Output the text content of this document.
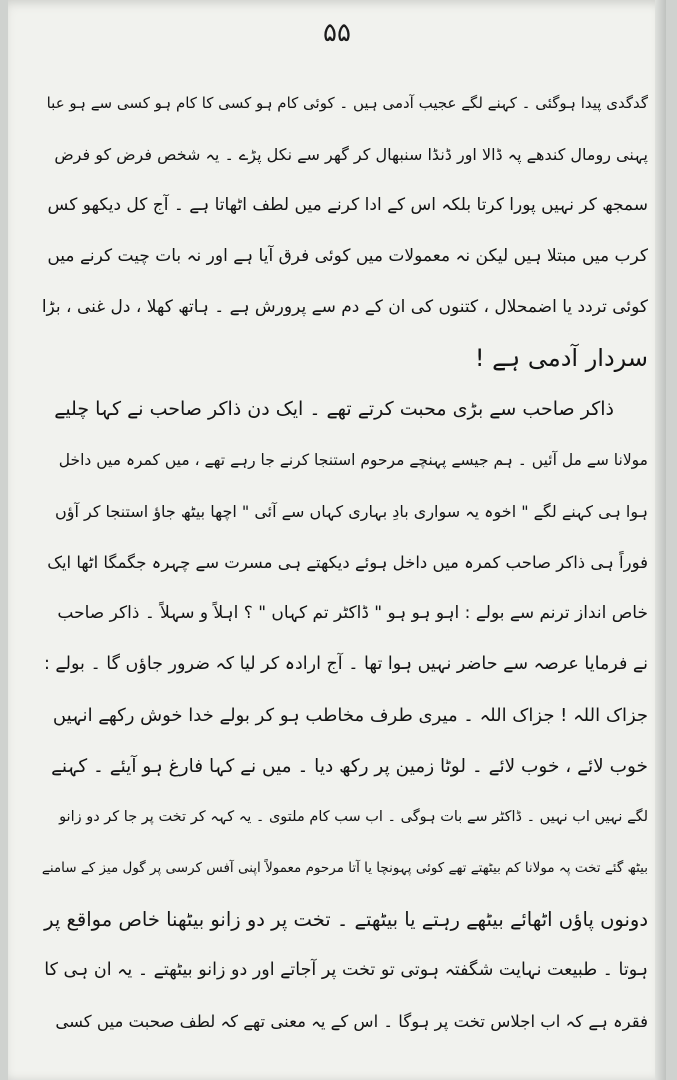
۵۵
گدگدی پیدا ہوگئی ۔ کہنے لگے عجیب آدمی ہیں ۔ کوئی کام ہو کسی کا کام ہو کسی سے ہو عبا
پہنی رومال کندھے پہ ڈالا اور ڈنڈا سنبھال کر گھر سے نکل پڑے ۔ یہ شخص فرض کو فرض
سمجھ کر نہیں پورا کرتا بلکہ اس کے ادا کرنے میں لطف اٹھاتا ہے ۔ آج کل دیکھو کس
کرب میں مبتلا ہیں لیکن نہ معمولات میں کوئی فرق آیا ہے اور نہ بات چیت کرنے میں
کوئی تردد یا اضمحلال ، کتنوں کی ان کے دم سے پرورش ہے ۔ ہاتھ کھلا ، دل غنی ، بڑا
سردار آدمی ہے !
ذاکر صاحب سے بڑی محبت کرتے تھے ۔ ایک دن ذاکر صاحب نے کہا چلیے
مولانا سے مل آئیں ۔ ہم جیسے پہنچے مرحوم استنجا کرنے جا رہے تھے ، میں کمرہ میں داخل
ہوا ہی کہنے لگے " اخوہ یہ سواری بادِ بہاری کہاں سے آئی " اچھا بیٹھ جاؤ استنجا کر آؤں
فوراً ہی ذاکر صاحب کمرہ میں داخل ہوئے دیکھتے ہی مسرت سے چہرہ جگمگا اٹھا ایک
خاص انداز ترنم سے بولے : اہو ہو ہو " ڈاکٹر تم کہاں " ؟ اہلاً و سہلاً ۔ ذاکر صاحب
نے فرمایا عرصہ سے حاضر نہیں ہوا تھا ۔ آج ارادہ کر لیا کہ ضرور جاؤں گا ۔ بولے :
جزاک اللہ ! جزاک اللہ ۔ میری طرف مخاطب ہو کر بولے خدا خوش رکھے انہیں
خوب لائے ، خوب لائے ۔ لوٹا زمین پر رکھ دیا ۔ میں نے کہا فارغ ہو آیئے ۔ کہنے
لگے نہیں اب نہیں ۔ ڈاکٹر سے بات ہوگی ۔ اب سب کام ملتوی ۔ یہ کہہ کر تخت پر جا کر دو زانو
بیٹھ گئے تخت پہ مولانا کم بیٹھتے تھے کوئی پہونچا یا آتا مرحوم معمولاً اپنی آفس کرسی پر گول میز کے سامنے
دونوں پاؤں اٹھائے بیٹھے رہتے یا بیٹھتے ۔ تخت پر دو زانو بیٹھنا خاص مواقع پر
ہوتا ۔ طبیعت نہایت شگفتہ ہوتی تو تخت پر آجاتے اور دو زانو بیٹھتے ۔ یہ ان ہی کا
فقرہ ہے کہ اب اجلاس تخت پر ہوگا ۔ اس کے یہ معنی تھے کہ لطف صحبت میں کسی
